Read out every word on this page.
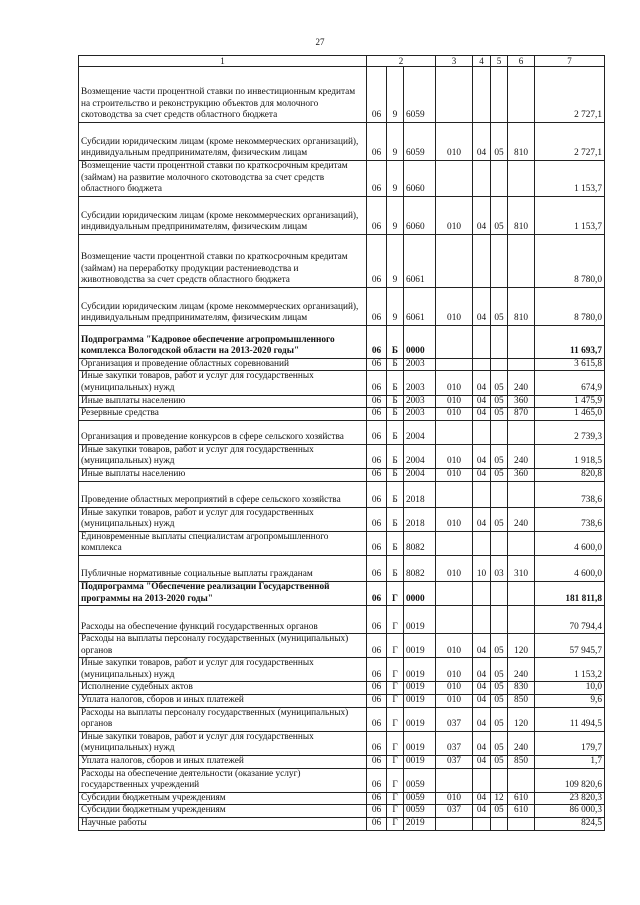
27
1	2			3	4	5	6	7
Возмещение части процентной ставки по инвестиционным кредитам на строительство и реконструкцию объектов для молочного скотоводства за счет средств областного бюджета	06	9	6059					2 727,1
Субсидии юридическим лицам (кроме некоммерческих организаций), индивидуальным предпринимателям, физическим лицам	06	9	6059	010	04	05	810	2 727,1
Возмещение части процентной ставки по краткосрочным кредитам (займам) на развитие молочного скотоводства за счет средств областного бюджета	06	9	6060					1 153,7
Субсидии юридическим лицам (кроме некоммерческих организаций), индивидуальным предпринимателям, физическим лицам	06	9	6060	010	04	05	810	1 153,7
Возмещение части процентной ставки по краткосрочным кредитам (займам) на переработку продукции растениеводства и животноводства за счет средств областного бюджета	06	9	6061					8 780,0
Субсидии юридическим лицам (кроме некоммерческих организаций), индивидуальным предпринимателям, физическим лицам	06	9	6061	010	04	05	810	8 780,0
Подпрограмма "Кадровое обеспечение агропромышленного комплекса Вологодской области на 2013-2020 годы"	06	Б	0000					11 693,7
Организация и проведение областных соревнований	06	Б	2003					3 615,8
Иные закупки товаров, работ и услуг для государственных (муниципальных) нужд	06	Б	2003	010	04	05	240	674,9
Иные выплаты населению	06	Б	2003	010	04	05	360	1 475,9
Резервные средства	06	Б	2003	010	04	05	870	1 465,0
Организация и проведение конкурсов в сфере сельского хозяйства	06	Б	2004					2 739,3
Иные закупки товаров, работ и услуг для государственных (муниципальных) нужд	06	Б	2004	010	04	05	240	1 918,5
Иные выплаты населению	06	Б	2004	010	04	05	360	820,8
Проведение областных мероприятий в сфере сельского хозяйства	06	Б	2018					738,6
Иные закупки товаров, работ и услуг для государственных (муниципальных) нужд	06	Б	2018	010	04	05	240	738,6
Единовременные выплаты специалистам агропромышленного комплекса	06	Б	8082					4 600,0
Публичные нормативные социальные выплаты гражданам	06	Б	8082	010	10	03	310	4 600,0
Подпрограмма "Обеспечение реализации Государственной программы на 2013-2020 годы"	06	Г	0000					181 811,8
Расходы на обеспечение функций государственных органов	06	Г	0019					70 794,4
Расходы на выплаты персоналу государственных (муниципальных) органов	06	Г	0019	010	04	05	120	57 945,7
Иные закупки товаров, работ и услуг для государственных (муниципальных) нужд	06	Г	0019	010	04	05	240	1 153,2
Исполнение судебных актов	06	Г	0019	010	04	05	830	10,0
Уплата налогов, сборов и иных платежей	06	Г	0019	010	04	05	850	9,6
Расходы на выплаты персоналу государственных (муниципальных) органов	06	Г	0019	037	04	05	120	11 494,5
Иные закупки товаров, работ и услуг для государственных (муниципальных) нужд	06	Г	0019	037	04	05	240	179,7
Уплата налогов, сборов и иных платежей	06	Г	0019	037	04	05	850	1,7
Расходы на обеспечение деятельности (оказание услуг) государственных учреждений	06	Г	0059					109 820,6
Субсидии бюджетным учреждениям	06	Г	0059	010	04	12	610	23 820,3
Субсидии бюджетным учреждениям	06	Г	0059	037	04	05	610	86 000,3
Научные работы	06	Г	2019					824,5
